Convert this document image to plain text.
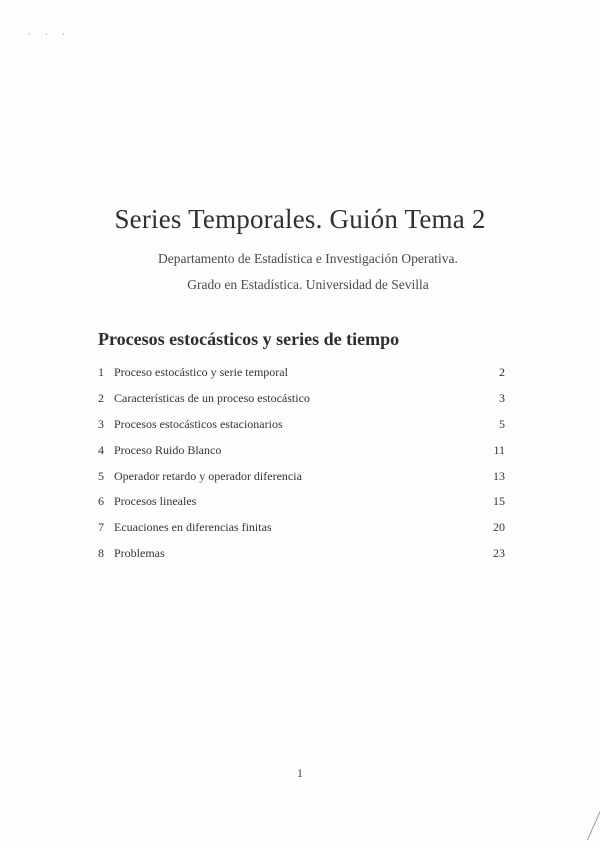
· · ·
Series Temporales. Guión Tema 2
Departamento de Estadística e Investigación Operativa.
Grado en Estadística. Universidad de Sevilla
Procesos estocásticos y series de tiempo
1 Proceso estocástico y serie temporal	2
2 Características de un proceso estocástico	3
3 Procesos estocásticos estacionarios	5
4 Proceso Ruido Blanco	11
5 Operador retardo y operador diferencia	13
6 Procesos lineales	15
7 Ecuaciones en diferencias finitas	20
8 Problemas	23
1
